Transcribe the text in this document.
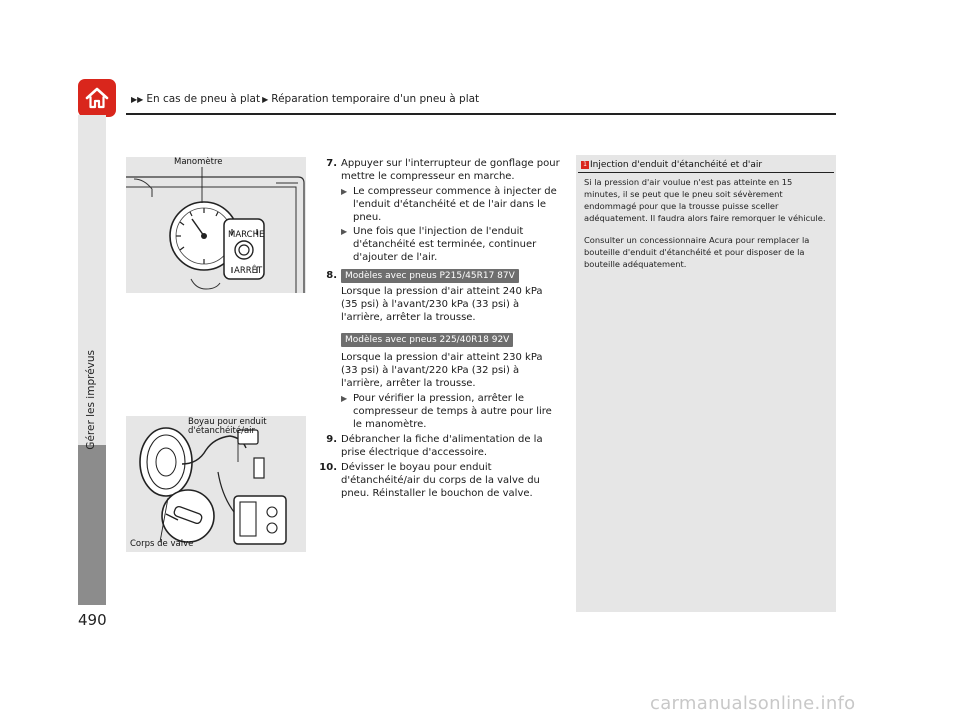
▶▶ En cas de pneu à plat ▶ Réparation temporaire d'un pneu à plat
Gérer les imprévus
490
Manomètre
MARCHE
ARRÊT
Boyau pour enduit
d'étanchéité/air
Corps de valve
7. Appuyer sur l'interrupteur de gonflage pour mettre le compresseur en marche.
▶ Le compresseur commence à injecter de l'enduit d'étanchéité et de l'air dans le pneu.
▶ Une fois que l'injection de l'enduit d'étanchéité est terminée, continuer d'ajouter de l'air.
8. Modèles avec pneus P215/45R17 87V
Lorsque la pression d'air atteint 240 kPa (35 psi) à l'avant/230 kPa (33 psi) à l'arrière, arrêter la trousse.
Modèles avec pneus 225/40R18 92V
Lorsque la pression d'air atteint 230 kPa (33 psi) à l'avant/220 kPa (32 psi) à l'arrière, arrêter la trousse.
▶ Pour vérifier la pression, arrêter le compresseur de temps à autre pour lire le manomètre.
9. Débrancher la fiche d'alimentation de la prise électrique d'accessoire.
10. Dévisser le boyau pour enduit d'étanchéité/air du corps de la valve du pneu. Réinstaller le bouchon de valve.
1 Injection d'enduit d'étanchéité et d'air

Si la pression d'air voulue n'est pas atteinte en 15 minutes, il se peut que le pneu soit sévèrement endommagé pour que la trousse puisse sceller adéquatement. Il faudra alors faire remorquer le véhicule.

Consulter un concessionnaire Acura pour remplacer la bouteille d'enduit d'étanchéité et pour disposer de la bouteille adéquatement.

carmanualsonline.info
